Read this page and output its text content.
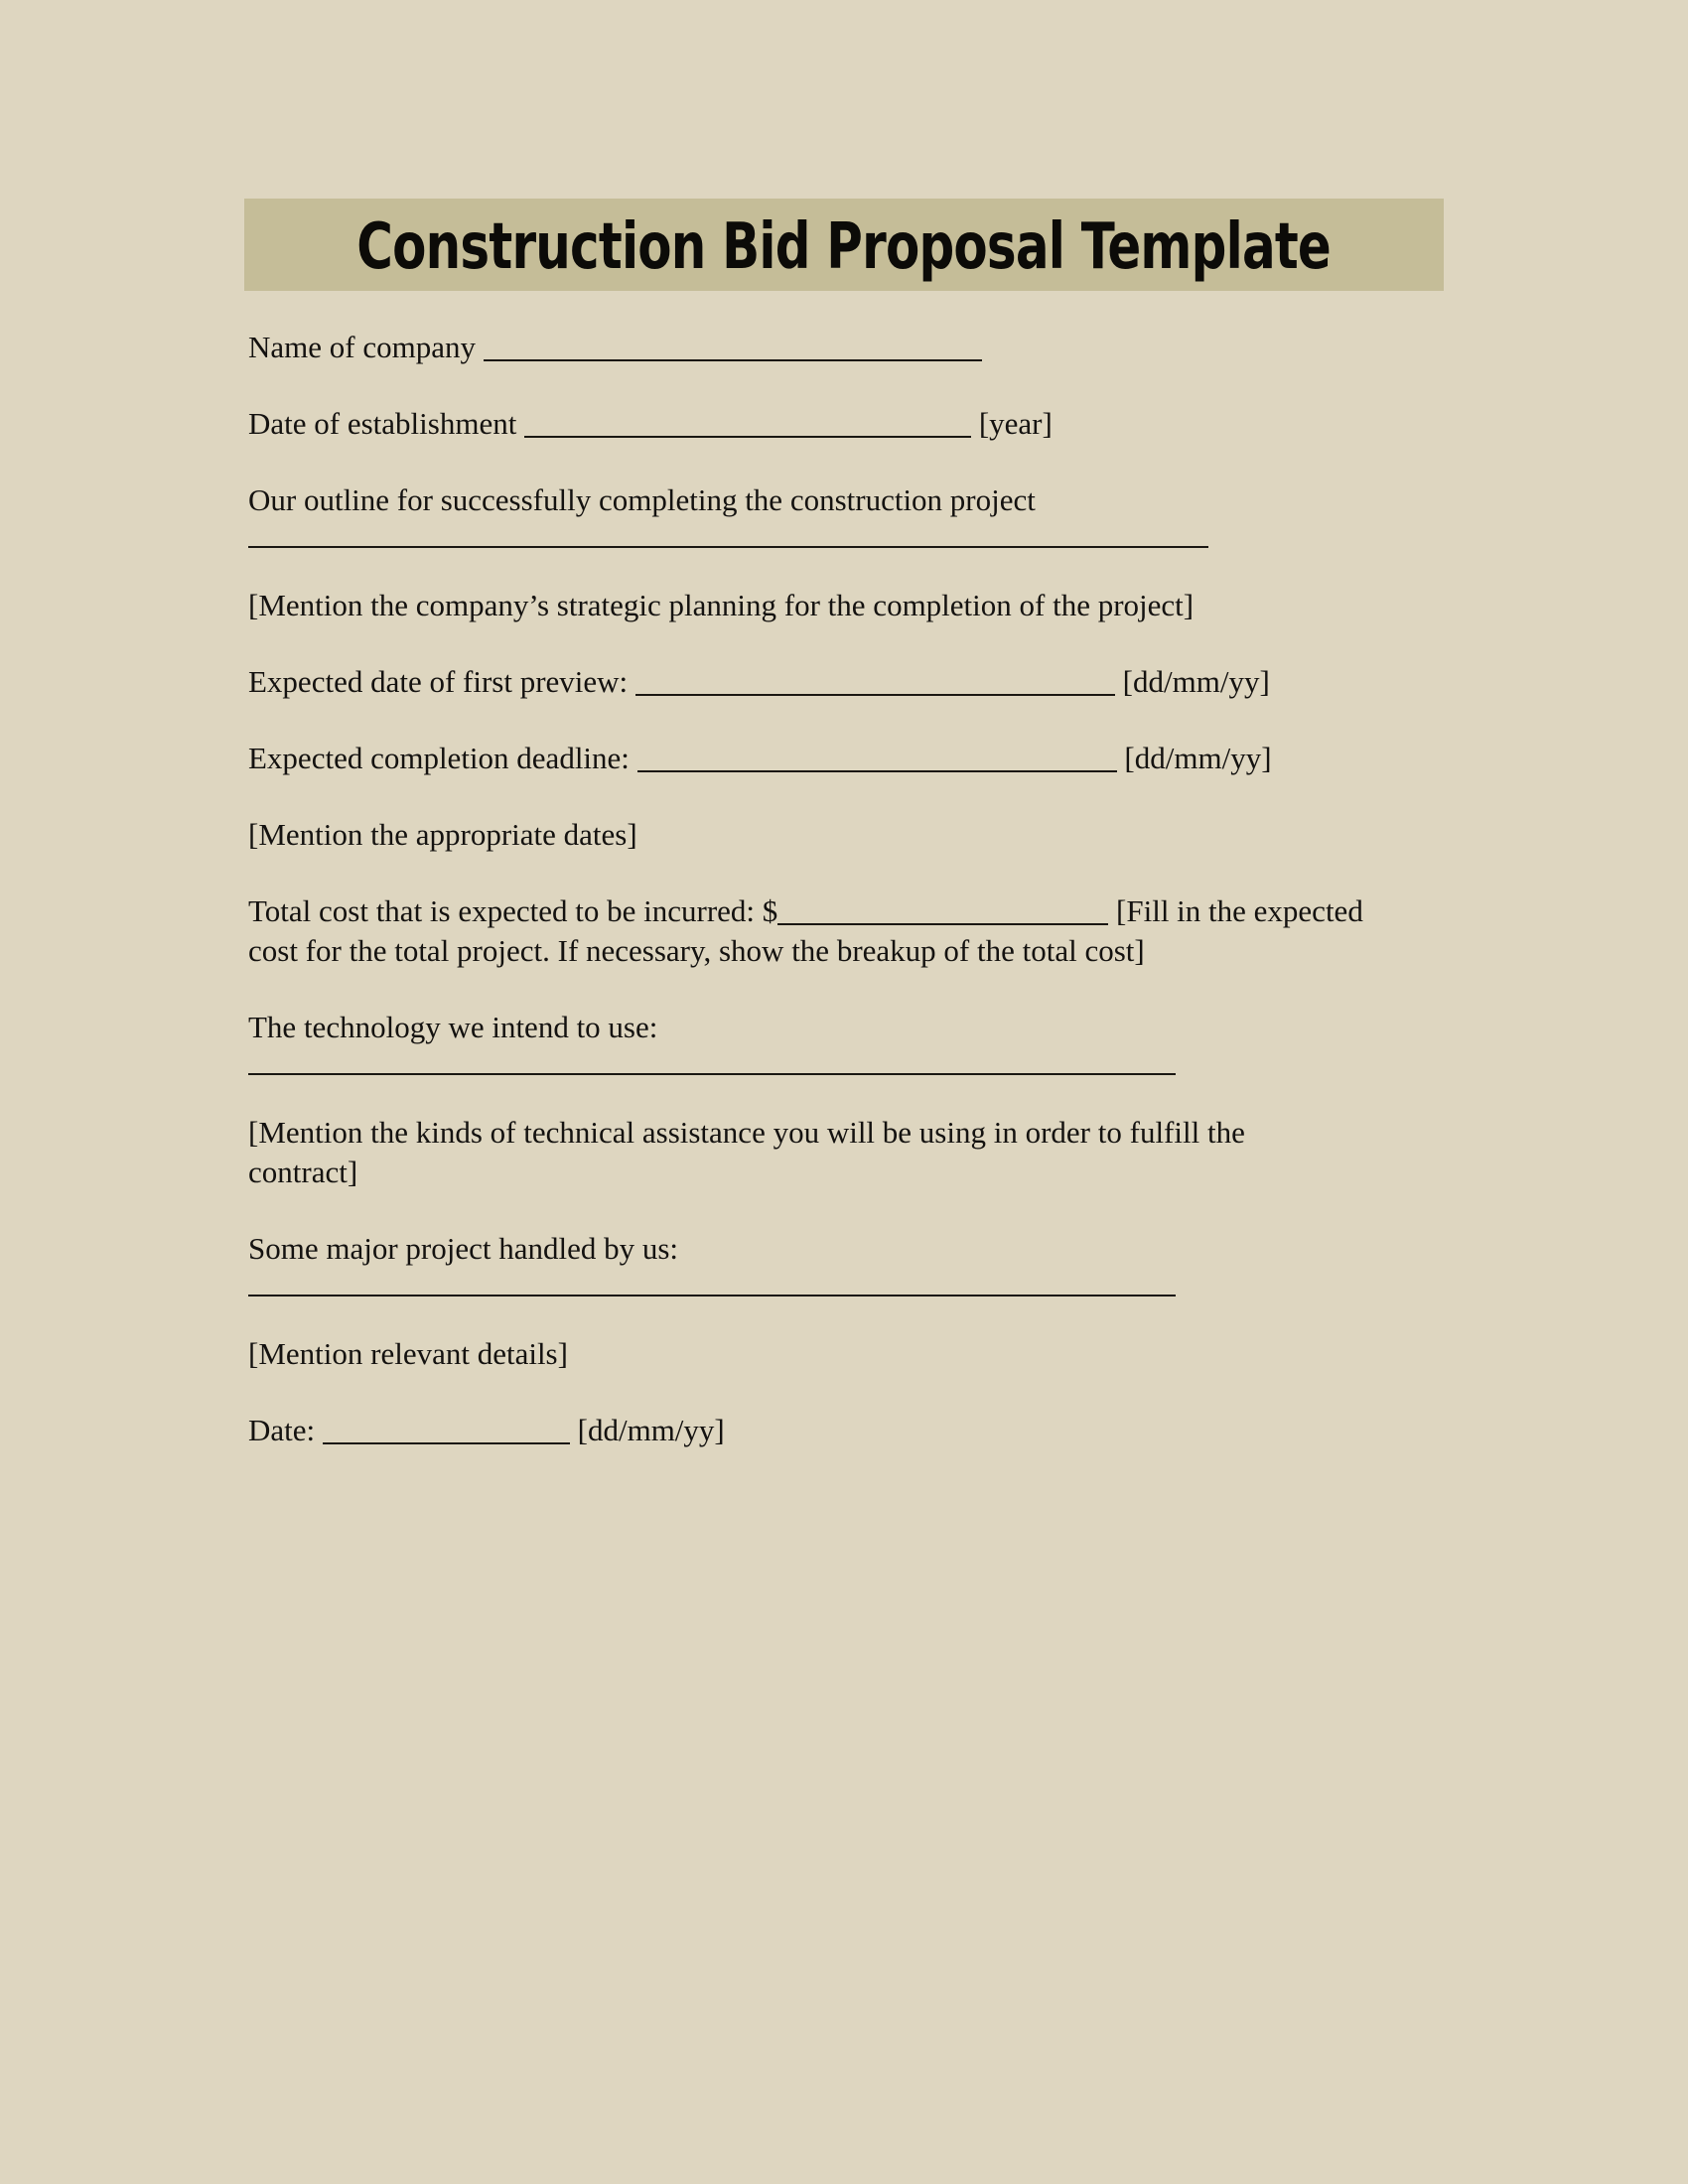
Construction Bid Proposal Template

Name of company

Date of establishment	[year]

Our outline for successfully completing the construction project

[Mention the company’s strategic planning for the completion of the project]

Expected date of first preview:	[dd/mm/yy]

Expected completion deadline:	[dd/mm/yy]

[Mention the appropriate dates]

Total cost that is expected to be incurred: $	[Fill in the expected

cost for the total project. If necessary, show the breakup of the total cost]

The technology we intend to use:

[Mention the kinds of technical assistance you will be using in order to fulfill the

contract]

Some major project handled by us:

[Mention relevant details]

Date:	[dd/mm/yy]
